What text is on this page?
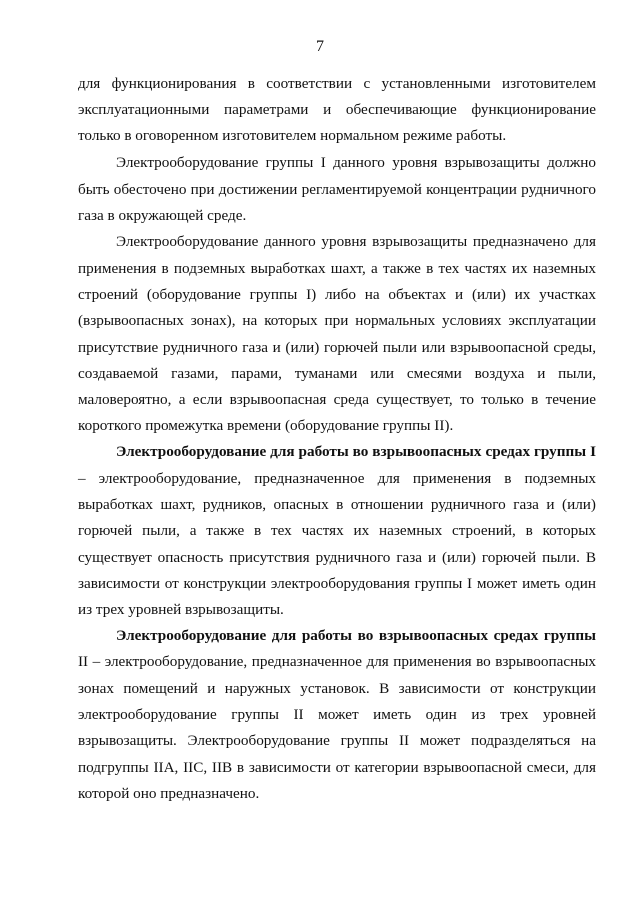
7
для функционирования в соответствии с установленными изготовителем
эксплуатационными параметрами и обеспечивающие функционирование
только в оговоренном изготовителем нормальном режиме работы.
Электрооборудование группы I данного уровня взрывозащиты должно
быть обесточено при достижении регламентируемой концентрации рудничного
газа в окружающей среде.
Электрооборудование данного уровня взрывозащиты предназначено для
применения в подземных выработках шахт, а также в тех частях их наземных
строений (оборудование группы I) либо на объектах и (или) их участках
(взрывоопасных зонах), на которых при нормальных условиях эксплуатации
присутствие рудничного газа и (или) горючей пыли или взрывоопасной среды,
создаваемой газами, парами, туманами или смесями воздуха и пыли,
маловероятно, а если взрывоопасная среда существует, то только в течение
короткого промежутка времени (оборудование группы II).
Электрооборудование для работы во взрывоопасных средах группы I
– электрооборудование, предназначенное для применения в подземных
выработках шахт, рудников, опасных в отношении рудничного газа и (или)
горючей пыли, а также в тех частях их наземных строений, в которых
существует опасность присутствия рудничного газа и (или) горючей пыли. В
зависимости от конструкции электрооборудования группы I может иметь один
из трех уровней взрывозащиты.
Электрооборудование для работы во взрывоопасных средах группы
II – электрооборудование, предназначенное для применения во взрывоопасных
зонах помещений и наружных установок. В зависимости от конструкции
электрооборудование группы II может иметь один из трех уровней
взрывозащиты. Электрооборудование группы II может подразделяться на
подгруппы IIA, IIC, IIB в зависимости от категории взрывоопасной смеси, для
которой оно предназначено.
